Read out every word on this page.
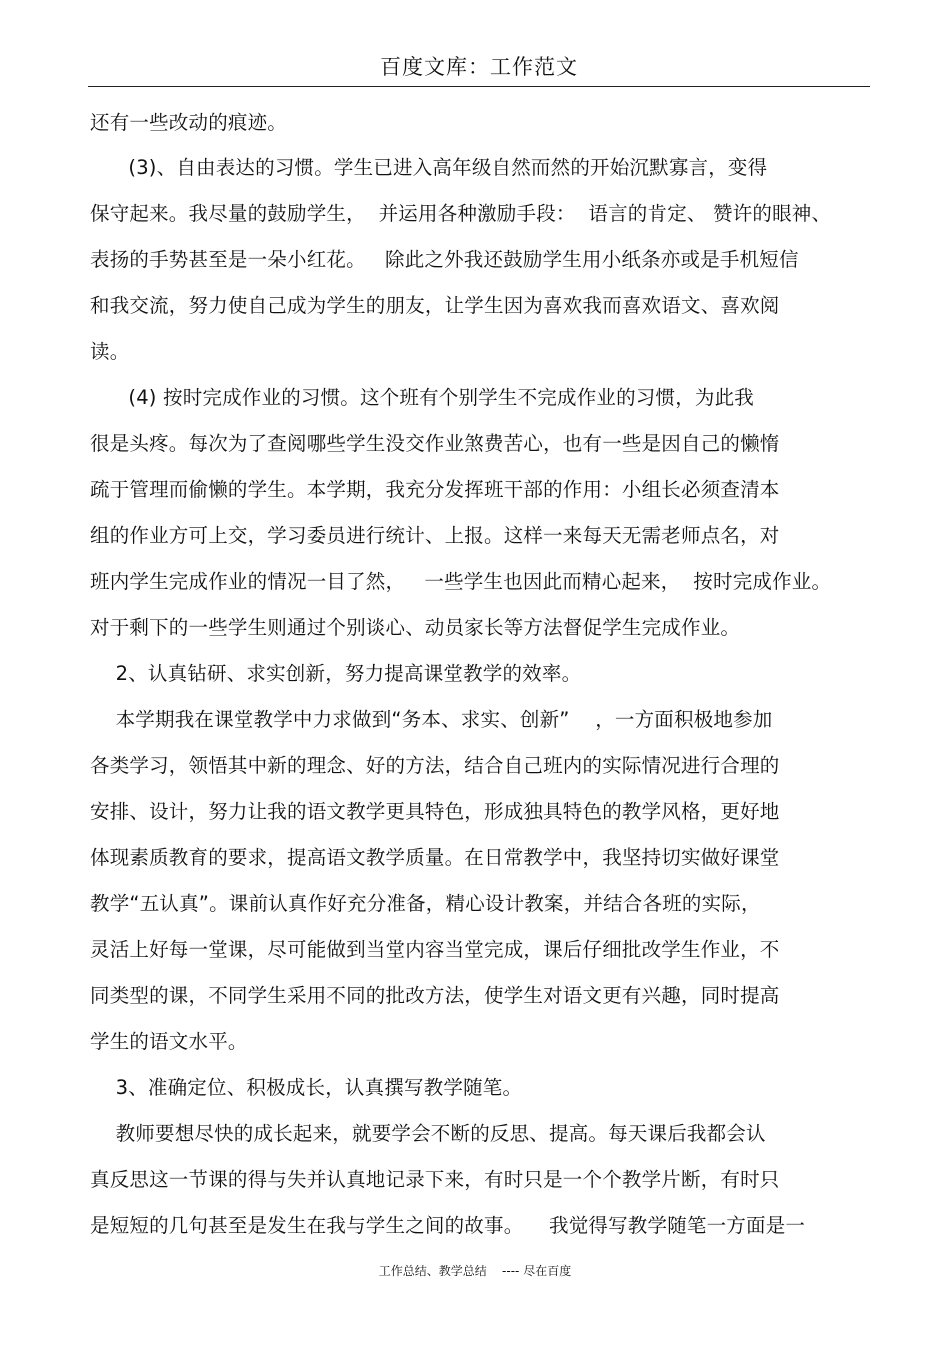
百度文库：工作范文
还有一些改动的痕迹。
(3)、自由表达的习惯。学生已进入高年级自然而然的开始沉默寡言，变得
保守起来。我尽量的鼓励学生，  并运用各种激励手段：  语言的肯定、 赞许的眼神、
表扬的手势甚至是一朵小红花。   除此之外我还鼓励学生用小纸条亦或是手机短信
和我交流，努力使自己成为学生的朋友，让学生因为喜欢我而喜欢语文、喜欢阅
读。
(4) 按时完成作业的习惯。这个班有个别学生不完成作业的习惯，为此我
很是头疼。每次为了查阅哪些学生没交作业煞费苦心，也有一些是因自己的懒惰
疏于管理而偷懒的学生。本学期，我充分发挥班干部的作用：小组长必须查清本
组的作业方可上交，学习委员进行统计、上报。这样一来每天无需老师点名，对
班内学生完成作业的情况一目了然，   一些学生也因此而精心起来，  按时完成作业。
对于剩下的一些学生则通过个别谈心、动员家长等方法督促学生完成作业。
2、认真钻研、求实创新，努力提高课堂教学的效率。
本学期我在课堂教学中力求做到“务本、求实、创新”    ，一方面积极地参加
各类学习，领悟其中新的理念、好的方法，结合自己班内的实际情况进行合理的
安排、设计，努力让我的语文教学更具特色，形成独具特色的教学风格，更好地
体现素质教育的要求，提高语文教学质量。在日常教学中，我坚持切实做好课堂
教学“五认真”。课前认真作好充分准备，精心设计教案，并结合各班的实际，
灵活上好每一堂课，尽可能做到当堂内容当堂完成，课后仔细批改学生作业，不
同类型的课，不同学生采用不同的批改方法，使学生对语文更有兴趣，同时提高
学生的语文水平。
3、准确定位、积极成长，认真撰写教学随笔。
教师要想尽快的成长起来，就要学会不断的反思、提高。每天课后我都会认
真反思这一节课的得与失并认真地记录下来，有时只是一个个教学片断，有时只
是短短的几句甚至是发生在我与学生之间的故事。    我觉得写教学随笔一方面是一
工作总结、教学总结    ---- 尽在百度
